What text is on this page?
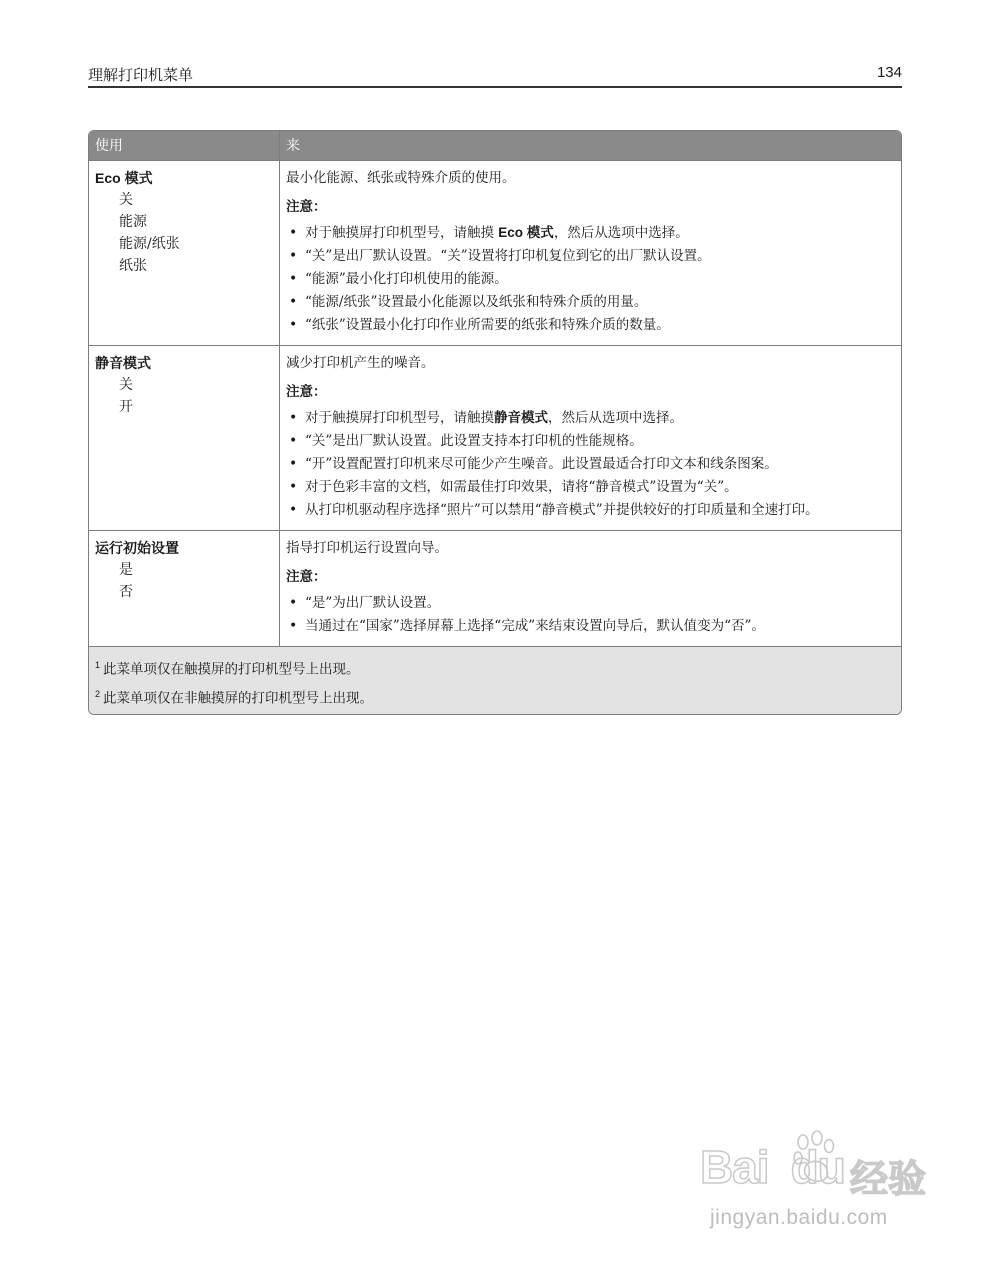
理解打印机菜单	134
使用	来
Eco 模式
关
能源
能源/纸张
纸张
最小化能源、纸张或特殊介质的使用。
注意：
• 对于触摸屏打印机型号，请触摸 Eco 模式，然后从选项中选择。
• “关”是出厂默认设置。“关”设置将打印机复位到它的出厂默认设置。
• “能源”最小化打印机使用的能源。
• “能源/纸张”设置最小化能源以及纸张和特殊介质的用量。
• “纸张”设置最小化打印作业所需要的纸张和特殊介质的数量。
静音模式
关
开
减少打印机产生的噪音。
注意：
• 对于触摸屏打印机型号，请触摸静音模式，然后从选项中选择。
• “关”是出厂默认设置。此设置支持本打印机的性能规格。
• “开”设置配置打印机来尽可能少产生噪音。此设置最适合打印文本和线条图案。
• 对于色彩丰富的文档，如需最佳打印效果，请将“静音模式”设置为“关”。
• 从打印机驱动程序选择“照片”可以禁用“静音模式”并提供较好的打印质量和全速打印。
运行初始设置
是
否
指导打印机运行设置向导。
注意：
• “是”为出厂默认设置。
• 当通过在“国家”选择屏幕上选择“完成”来结束设置向导后，默认值变为“否”。
$^1$ 此菜单项仅在触摸屏的打印机型号上出现。
$^2$ 此菜单项仅在非触摸屏的打印机型号上出现。
Bai du 经验
jingyan.baidu.com
